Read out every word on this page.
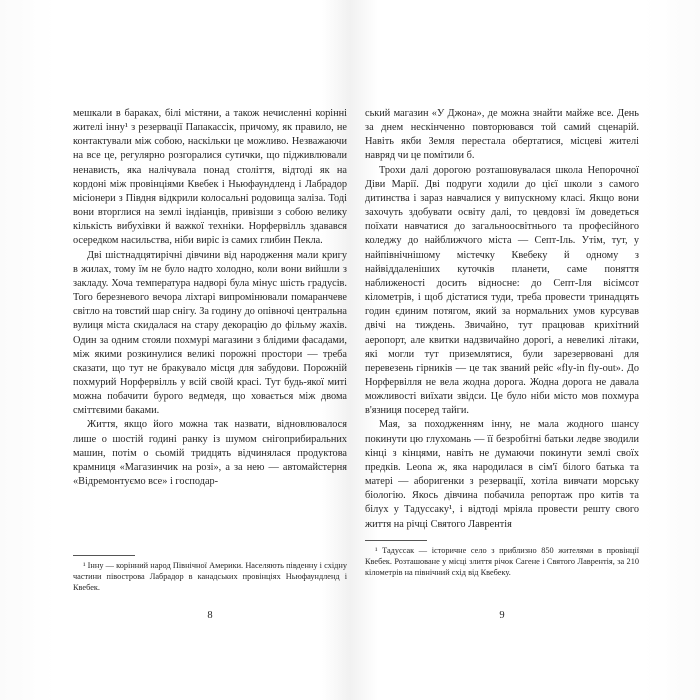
мешкали в бараках, білі містяни, а також нечисленні корінні жителі інну¹ з резервації Папакассік, причому, як правило, не контактували між собою, наскільки це можливо. Незважаючи на все це, регулярно розгоралися сутички, що підживлювали ненависть, яка налічувала понад століття, відтоді як на кордоні між провінціями Квебек і Ньюфаундленд і Лабрадор місіонери з Півдня відкрили колосальні родовища заліза. Тоді вони вторглися на землі індіанців, привізши з собою велику кількість вибухівки й важкої техніки. Норфервілль здавався осередком насильства, ніби виріс із самих глибин Пекла.

Дві шістнадцятирічні дівчини від народження мали кригу в жилах, тому їм не було надто холодно, коли вони вийшли з закладу. Хоча температура надворі була мінус шість градусів. Того березневого вечора ліхтарі випромінювали помаранчеве світло на товстий шар снігу. За годину до опівночі центральна вулиця міста скидалася на стару декорацію до фільму жахів. Один за одним стояли похмурі магазини з блідими фасадами, між якими розкинулися великі порожні простори — треба сказати, що тут не бракувало місця для забудови. Порожній похмурий Норфервілль у всій своїй красі. Тут будь-якої миті можна побачити бурого ведмедя, що ховається між двома сміттєвими баками.

Життя, якщо його можна так назвати, відновлювалося лише о шостій годині ранку із шумом снігоприбиральних машин, потім о сьомій тридцять відчинялася продуктова крамниця «Магазинчик на розі», а за нею — автомайстерня «Відремонтуємо все» і господар-

¹ Інну — корінний народ Північної Америки. Населяють південну і східну частини півострова Лабрадор в канадських провінціях Ньюфаундленд і Квебек.

8

ський магазин «У Джона», де можна знайти майже все. День за днем нескінченно повторювався той самий сценарій. Навіть якби Земля перестала обертатися, місцеві жителі навряд чи це помітили б.

Трохи далі дорогою розташовувалася школа Непорочної Діви Марії. Дві подруги ходили до цієї школи з самого дитинства і зараз навчалися у випускному класі. Якщо вони захочуть здобувати освіту далі, то цевдовзі їм доведеться поїхати навчатися до загальноосвітнього та професійного коледжу до найближчого міста — Септ-Іль. Утім, тут, у найпівнічнішому містечку Квебеку й одному з найвіддаленіших куточків планети, саме поняття наближеності досить відносне: до Септ-Іля вісімсот кілометрів, і щоб дістатися туди, треба провести тринадцять годин єдиним потягом, який за нормальних умов курсував двічі на тиждень. Звичайно, тут працював крихітний аеропорт, але квитки надзвичайно дорогі, а невеликі літаки, які могли тут приземлятися, були зарезервовані для перевезень гірників — це так званий рейс «fly-in fly-out». До Норфервілля не вела жодна дорога. Жодна дорога не давала можливості виїхати звідси. Це було ніби місто мов похмура в'язниця посеред тайги.

Мая, за походженням інну, не мала жодного шансу покинути цю глухомань — її безробітні батьки ледве зводили кінці з кінцями, навіть не думаючи покинути землі своїх предків. Leona ж, яка народилася в сім'ї білого батька та матері — аборигенки з резервації, хотіла вивчати морську біологію. Якось дівчина побачила репортаж про китів та білух у Тадуссаку¹, і відтоді мріяла провести решту свого життя на річці Святого Лаврентія

¹ Тадуссак — історичне село з приблизно 850 жителями в провінції Квебек. Розташоване у місці злиття річок Сагене і Святого Лаврентія, за 210 кілометрів на північний схід від Квебеку.

9
